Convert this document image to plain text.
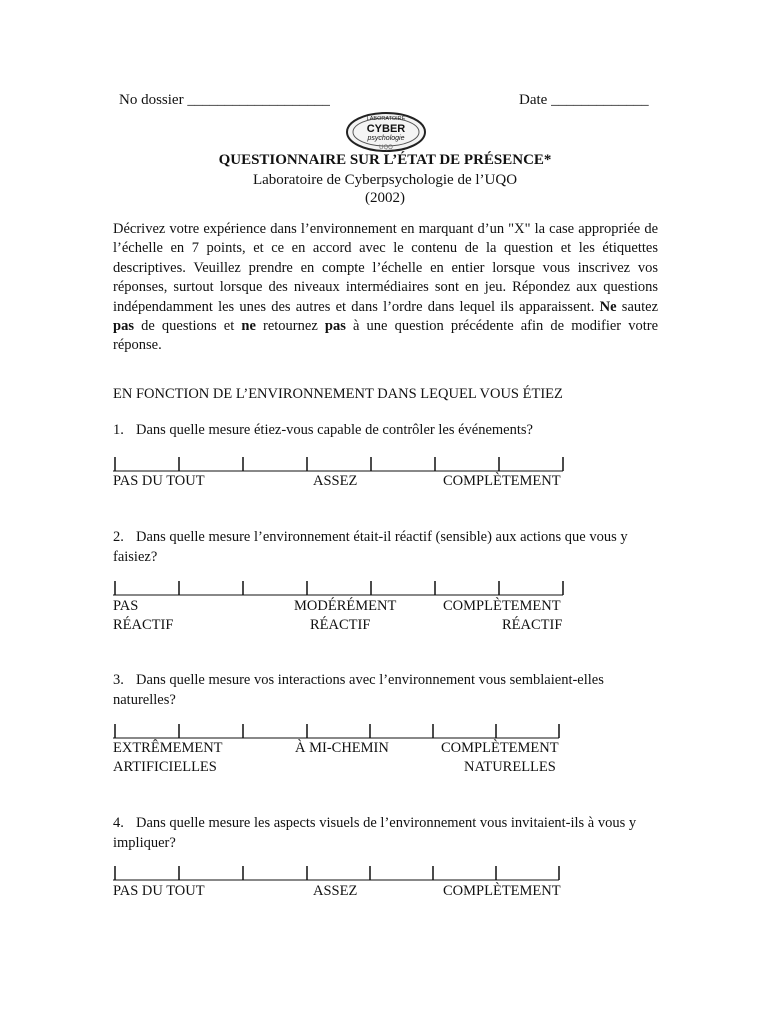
No dossier ___________________	Date _____________
LABORATOIRE
CYBER
psychologie
UQO
QUESTIONNAIRE SUR L’ÉTAT DE PRÉSENCE*
Laboratoire de Cyberpsychologie de l’UQO
(2002)
Décrivez votre expérience dans l’environnement en marquant d’un "X" la case appropriée de l’échelle en 7 points, et ce en accord avec le contenu de la question et les étiquettes descriptives. Veuillez prendre en compte l’échelle en entier lorsque vous inscrivez vos réponses, surtout lorsque des niveaux intermédiaires sont en jeu. Répondez aux questions indépendamment les unes des autres et dans l’ordre dans lequel ils apparaissent. Ne sautez pas de questions et ne retournez pas à une question précédente afin de modifier votre réponse.
EN FONCTION DE L’ENVIRONNEMENT DANS LEQUEL VOUS ÉTIEZ
1. Dans quelle mesure étiez-vous capable de contrôler les événements?
PAS DU TOUT	ASSEZ	COMPLÈTEMENT
2. Dans quelle mesure l’environnement était-il réactif (sensible) aux actions que vous y faisiez?
PAS
RÉACTIF
MODÉRÉMENT
RÉACTIF
COMPLÈTEMENT
RÉACTIF
3. Dans quelle mesure vos interactions avec l’environnement vous semblaient-elles naturelles?
EXTRÊMEMENT
ARTIFICIELLES
À MI-CHEMIN	COMPLÈTEMENT
NATURELLES
4. Dans quelle mesure les aspects visuels de l’environnement vous invitaient-ils à vous y impliquer?
PAS DU TOUT	ASSEZ	COMPLÈTEMENT
